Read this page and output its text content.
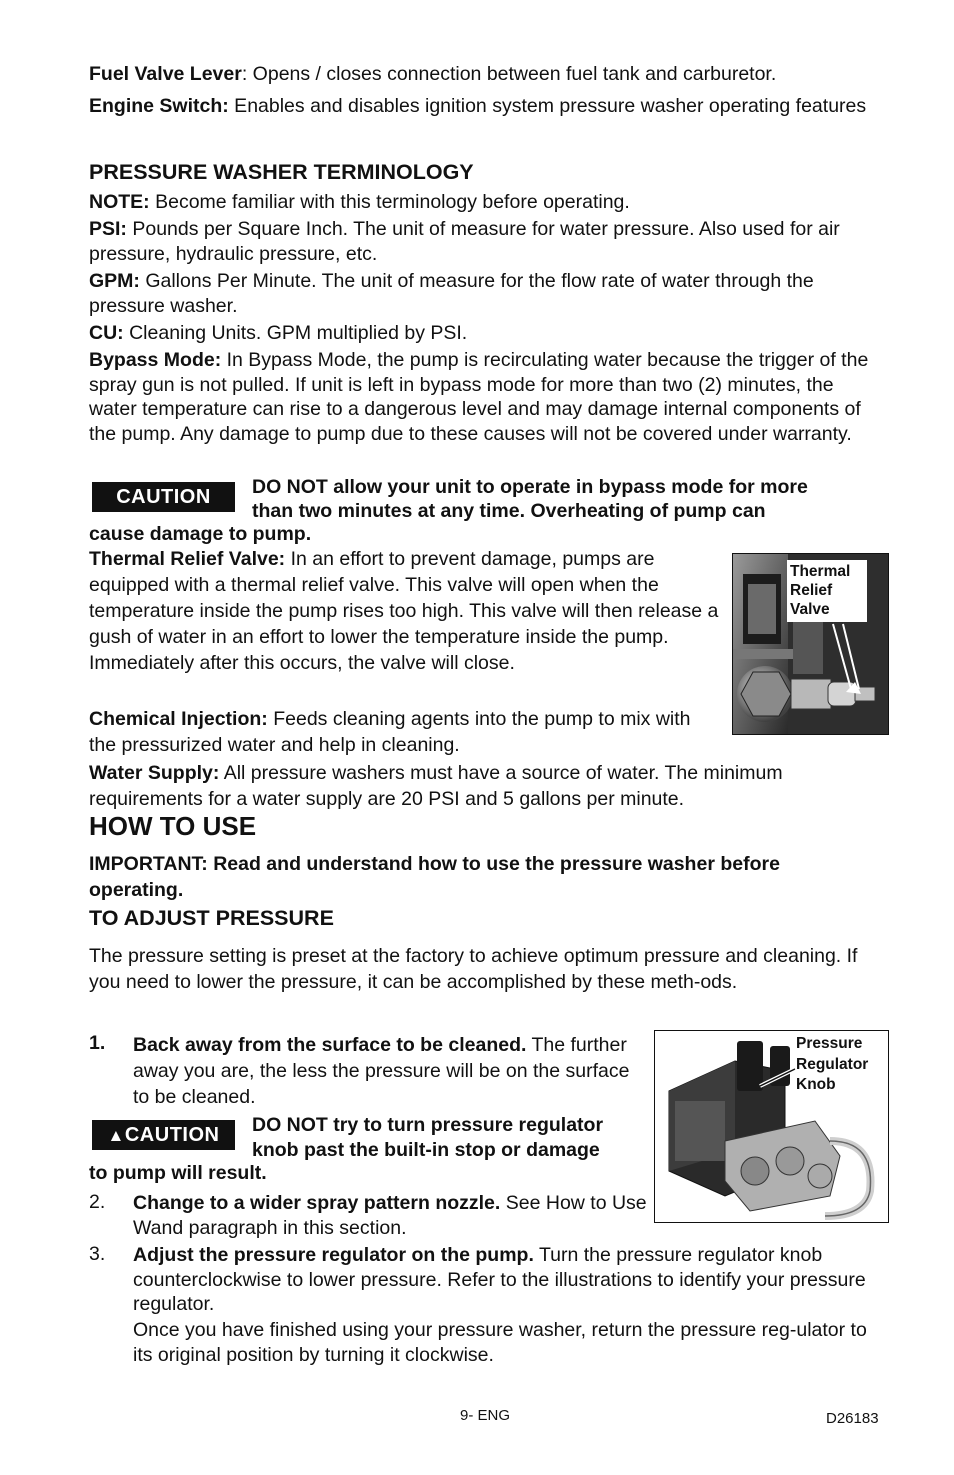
Fuel Valve Lever: Opens / closes connection between fuel tank and carburetor.

Engine Switch: Enables and disables ignition system pressure washer operating features

PRESSURE WASHER TERMINOLOGY

NOTE: Become familiar with this terminology before operating.

PSI: Pounds per Square Inch. The unit of measure for water pressure. Also used for air pressure, hydraulic pressure, etc.

GPM: Gallons Per Minute. The unit of measure for the flow rate of water through the pressure washer.

CU: Cleaning Units. GPM multiplied by PSI.

Bypass Mode: In Bypass Mode, the pump is recirculating water because the trigger of the spray gun is not pulled. If unit is left in bypass mode for more than two (2) minutes, the water temperature can rise to a dangerous level and may damage internal components of the pump. Any damage to pump due to these causes will not be covered under warranty.

CAUTION	DO NOT allow your unit to operate in bypass mode for more
than two minutes at any time. Overheating of pump can
cause damage to pump.

Thermal Relief Valve: In an effort to prevent damage, pumps are equipped with a thermal relief valve. This valve will open when the temperature inside the pump rises too high. This valve will then release a gush of water in an effort to lower the temperature inside the pump. Immediately after this occurs, the valve will close.

Thermal
Relief
Valve

Chemical Injection: Feeds cleaning agents into the pump to mix with the pressurized water and help in cleaning.

Water Supply: All pressure washers must have a source of water. The minimum requirements for a water supply are 20 PSI and 5 gallons per minute.

HOW TO USE

IMPORTANT: Read and understand how to use the pressure washer before operating.

TO ADJUST PRESSURE

The pressure setting is preset at the factory to achieve optimum pressure and cleaning. If you need to lower the pressure, it can be accomplished by these meth-ods.

1. Back away from the surface to be cleaned. The further away you are, the less the pressure will be on the surface to be cleaned.

▲CAUTION	DO NOT try to turn pressure regulator
knob past the built-in stop or damage
to pump will result.
2. Change to a wider spray pattern nozzle. See How to Use Wand paragraph in this section.

Pressure
Regulator
Knob
3. Adjust the pressure regulator on the pump. Turn the pressure regulator knob counterclockwise to lower pressure. Refer to the illustrations to identify your pressure regulator.

Once you have finished using your pressure washer, return the pressure reg-ulator to its original position by turning it clockwise.

9- ENG	D26183
